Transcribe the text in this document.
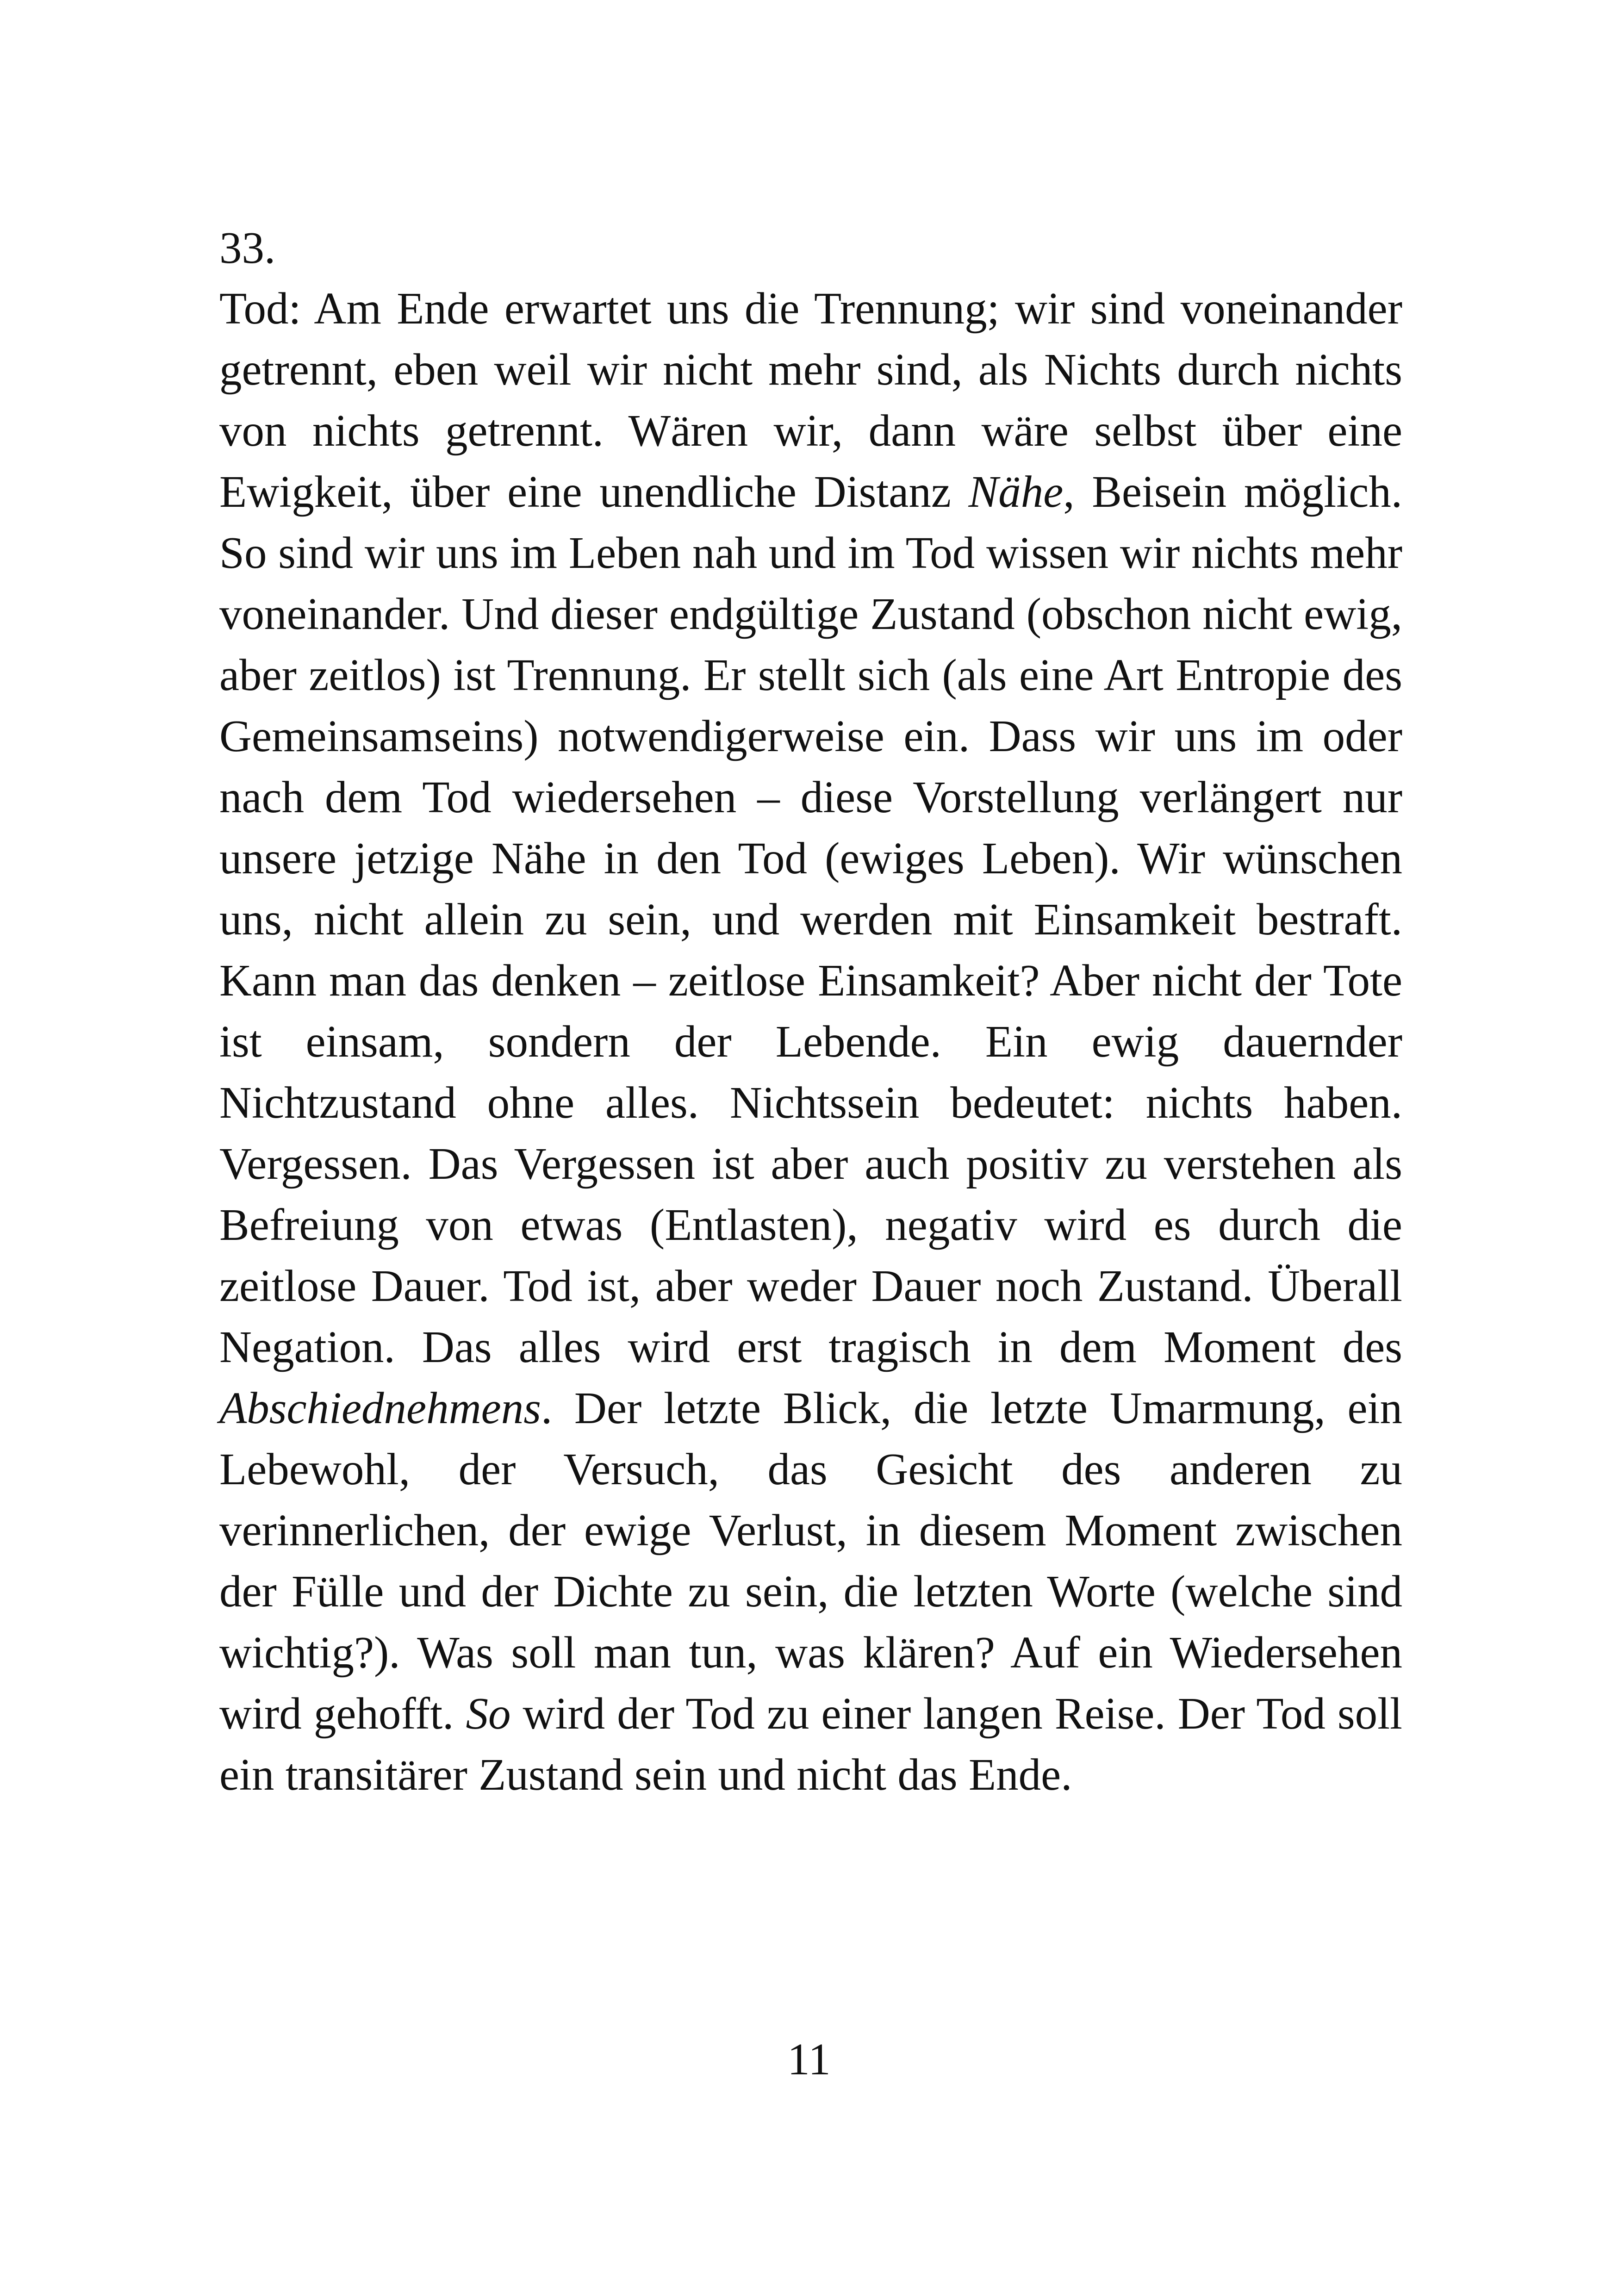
33.

Tod: Am Ende erwartet uns die Trennung; wir sind voneinander getrennt, eben weil wir nicht mehr sind, als Nichts durch nichts von nichts getrennt. Wären wir, dann wäre selbst über eine Ewigkeit, über eine unendliche Distanz Nähe, Beisein möglich. So sind wir uns im Leben nah und im Tod wissen wir nichts mehr voneinander. Und dieser endgültige Zustand (obschon nicht ewig, aber zeitlos) ist Trennung. Er stellt sich (als eine Art Entropie des Gemeinsamseins) notwendigerweise ein. Dass wir uns im oder nach dem Tod wiedersehen – diese Vorstellung verlängert nur unsere jetzige Nähe in den Tod (ewiges Leben). Wir wünschen uns, nicht allein zu sein, und werden mit Einsamkeit bestraft. Kann man das denken – zeitlose Einsamkeit? Aber nicht der Tote ist einsam, sondern der Lebende. Ein ewig dauernder Nichtzustand ohne alles. Nichtssein bedeutet: nichts haben. Vergessen. Das Vergessen ist aber auch positiv zu verstehen als Befreiung von etwas (Entlasten), negativ wird es durch die zeitlose Dauer. Tod ist, aber weder Dauer noch Zustand. Überall Negation. Das alles wird erst tragisch in dem Moment des Abschiednehmens. Der letzte Blick, die letzte Umarmung, ein Lebewohl, der Versuch, das Gesicht des anderen zu verinnerlichen, der ewige Verlust, in diesem Moment zwischen der Fülle und der Dichte zu sein, die letzten Worte (welche sind wichtig?). Was soll man tun, was klären? Auf ein Wiedersehen wird gehofft. So wird der Tod zu einer langen Reise. Der Tod soll ein transitärer Zustand sein und nicht das Ende.

11
